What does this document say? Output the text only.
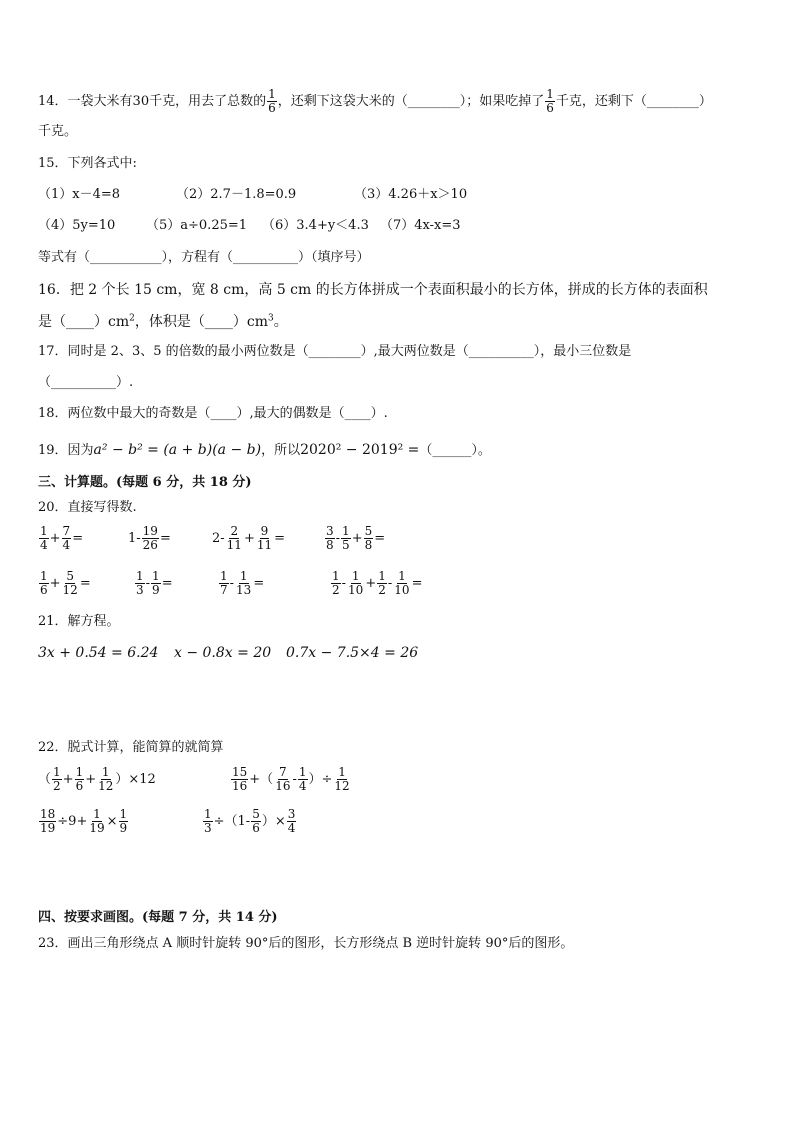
14．一袋大米有30千克，用去了总数的 $\frac{1}{6}$ ，还剩下这袋大米的（________）；如果吃掉了 $\frac{1}{6}$ 千克，还剩下（________）
千克。
15．下列各式中:
（1）x－4=8	（2）2.7－1.8=0.9	（3）4.26＋x＞10
（4）5y=10 （5）a÷0.25=1 （6）3.4+y＜4.3 （7）4x-x=3
等式有（___________），方程有（__________）（填序号）
16．把 2 个长 15 cm，宽 8 cm，高 5 cm 的长方体拼成一个表面积最小的长方体，拼成的长方体的表面积
是$(\_\_\_\_)cm^2$，体积是$(\_\_\_\_)cm^3$。
17．同时是 2、3、5 的倍数的最小两位数是（________）,最大两位数是（__________），最小三位数是
（__________）.
18．两位数中最大的奇数是（____）,最大的偶数是（____）.
19．因为a² − b² = (a + b)(a − b)，所以2020² − 2019² =（______）。
三、计算题。(每题 6 分，共 18 分)
20．直接写得数.
$\frac{1}{4} + \frac{7}{4}$ =	$1- \frac{19}{26}$ =	$2- \frac{2}{11} + \frac{9}{11}$ =	$\frac{3}{8} - \frac{1}{5} + \frac{5}{8}$ =
$\frac{1}{6} + \frac{5}{12}$ =	$\frac{1}{3} - \frac{1}{9}$ =	$\frac{1}{7} - \frac{1}{13}$ =	$\frac{1}{2} - \frac{1}{10} + \frac{1}{2} - \frac{1}{10}$ =
21．解方程。
3x + 0.54 = 6.24 x − 0.8x = 20 0.7x − 7.5×4 = 26
22．脱式计算，能简算的就简算
（ $\frac{1}{2} + \frac{1}{6} + \frac{1}{12} )\times 12$	$\frac{15}{16}$ +（ $\frac{7}{16} - \frac{1}{4}$ ）÷ $\frac{1}{12}$
$\frac{18}{19} \div 9+ \frac{1}{19} \times \frac{1}{9}$	$\frac{1}{3} \div(1- \frac{5}{6}$ ）× $\frac{3}{4}$
四、按要求画图。(每题 7 分，共 14 分)
23．画出三角形绕点 A 顺时针旋转 90°后的图形，长方形绕点 B 逆时针旋转 90°后的图形。
